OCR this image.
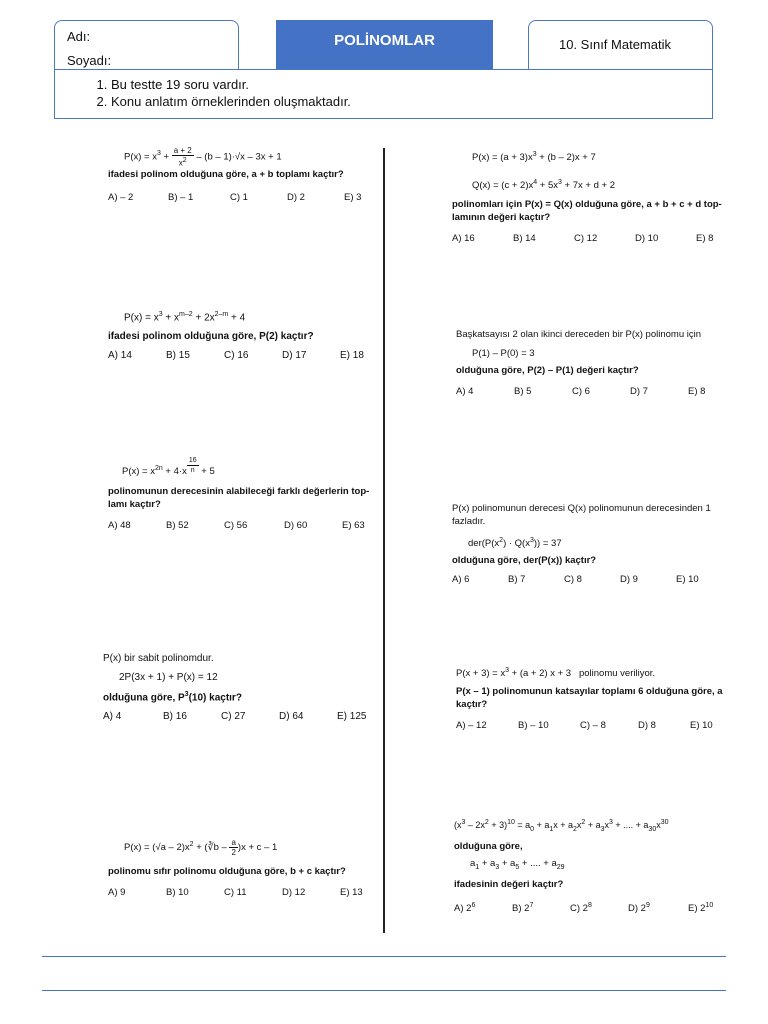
Adı:
Soyadı:
POLİNOMLAR	10. Sınıf Matematik
1. Bu testte 19 soru vardır.
2. Konu anlatım örneklerinden oluşmaktadır.
$P(x) = x^3 + \frac{a + 2}{x^2} - (b - 1)\cdot√x - 3x + 1$
ifadesi polinom olduğuna göre, a + b toplamı kaçtır?
A) – 2	B) – 1	C) 1	D) 2	E) 3
$P(x) = x^3 + x^{m-2} + 2x^{2-m} + 4$
ifadesi polinom olduğuna göre, P(2) kaçtır?
A) 14	B) 15	C) 16	D) 17	E) 18
$P(x) = x^{2n} + 4\cdot x \frac{16}{n} + 5$
polinomunun derecesinin alabileceği farklı değerlerin top-
lamı kaçtır?
A) 48	B) 52	C) 56	D) 60	E) 63
P(x) bir sabit polinomdur.
2P(3x + 1) + P(x) = 12
olduğuna göre, $P^3(10)$ kaçtır?
A) 4	B) 16	C) 27	D) 64	E) 125
$P(x) = (√a - 2)x^2$ + (∛b – $\frac{a}{2} )x + c - 1$
polinomu sıfır polinomu olduğuna göre, b + c kaçtır?
A) 9	B) 10	C) 11	D) 12	E) 13
$P(x) = (a + 3)x^3 + (b - 2)x + 7$
$Q(x) = (c + 2)x^4 + 5x^3 + 7x + d + 2$
polinomları için P(x) = Q(x) olduğuna göre, a + b + c + d top-
lamının değeri kaçtır?
A) 16	B) 14	C) 12	D) 10	E) 8
Başkatsayısı 2 olan ikinci dereceden bir P(x) polinomu için
P(1) – P(0) = 3
olduğuna göre, P(2) – P(1) değeri kaçtır?
A) 4	B) 5	C) 6	D) 7	E) 8
P(x) polinomunun derecesi Q(x) polinomunun derecesinden 1
fazladır.
$der(P(x^2) \cdot Q(x^3)) = 37$
olduğuna göre, der(P(x)) kaçtır?
A) 6	B) 7	C) 8	D) 9	E) 10
$P(x + 3) = x^3 + (a + 2) x + 3$   polinomu veriliyor.
P(x – 1) polinomunun katsayılar toplamı 6 olduğuna göre, a
kaçtır?
A) – 12	B) – 10	C) – 8	D) 8	E) 10
$(x^3 - 2x^2 + 3)^{10} = a_0 + a_1x + a_2x^2 + a_3x^3$ + .... + $a_{30}x^{30}$
olduğuna göre,
$a_1 + a_3 + a_5$ + .... + $a_{29}$
ifadesinin değeri kaçtır?
A) $2^6$	B) $2^7$	C) $2^8$	D) $2^9$	E) $2^{10}$
